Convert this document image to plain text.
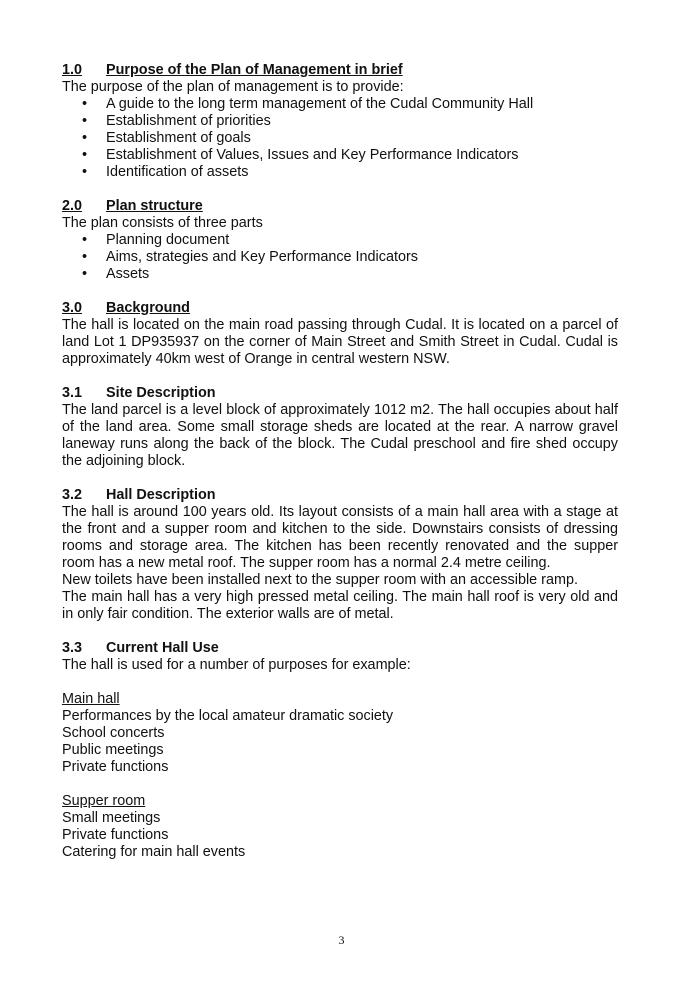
1.0	Purpose of the Plan of Management in brief

The purpose of the plan of management is to provide:

• A guide to the long term management of the Cudal Community Hall
• Establishment of priorities
• Establishment of goals
• Establishment of Values, Issues and Key Performance Indicators
• Identification of assets
2.0	Plan structure

The plan consists of three parts

• Planning document
• Aims, strategies and Key Performance Indicators
• Assets
3.0	Background

The hall is located on the main road passing through Cudal. It is located on a parcel of land Lot 1 DP935937 on the corner of Main Street and Smith Street in Cudal. Cudal is approximately 40km west of Orange in central western NSW.

3.1	Site Description

The land parcel is a level block of approximately 1012 m2. The hall occupies about half of the land area. Some small storage sheds are located at the rear. A narrow gravel laneway runs along the back of the block. The Cudal preschool and fire shed occupy the adjoining block.

3.2	Hall Description

The hall is around 100 years old. Its layout consists of a main hall area with a stage at the front and a supper room and kitchen to the side. Downstairs consists of dressing rooms and storage area. The kitchen has been recently renovated and the supper room has a new metal roof. The supper room has a normal 2.4 metre ceiling.

New toilets have been installed next to the supper room with an accessible ramp.

The main hall has a very high pressed metal ceiling. The main hall roof is very old and in only fair condition. The exterior walls are of metal.

3.3	Current Hall Use

The hall is used for a number of purposes for example:

Main hall

Performances by the local amateur dramatic society

School concerts

Public meetings

Private functions

Supper room

Small meetings

Private functions

Catering for main hall events

3
